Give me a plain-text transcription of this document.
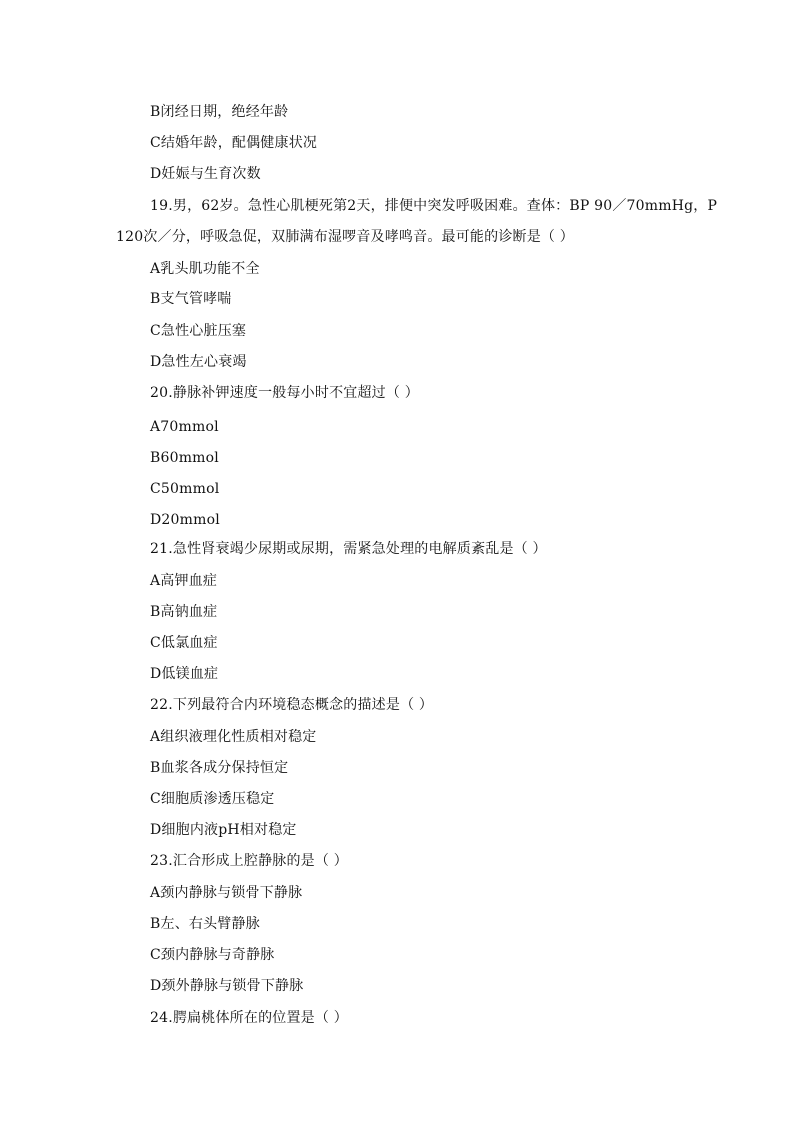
B闭经日期，绝经年龄
C结婚年龄，配偶健康状况
D妊娠与生育次数
19.男，62岁。急性心肌梗死第2天，排便中突发呼吸困难。查体：BP 90／70mmHg，P
120次／分，呼吸急促，双肺满布湿啰音及哮鸣音。最可能的诊断是（ ）
A乳头肌功能不全
B支气管哮喘
C急性心脏压塞
D急性左心衰竭
20.静脉补钾速度一般每小时不宜超过（ ）
A70mmol
B60mmol
C50mmol
D20mmol
21.急性肾衰竭少尿期或尿期，需紧急处理的电解质紊乱是（ ）
A高钾血症
B高钠血症
C低氯血症
D低镁血症
22.下列最符合内环境稳态概念的描述是（ ）
A组织液理化性质相对稳定
B血浆各成分保持恒定
C细胞质渗透压稳定
D细胞内液pH相对稳定
23.汇合形成上腔静脉的是（ ）
A颈内静脉与锁骨下静脉
B左、右头臂静脉
C颈内静脉与奇静脉
D颈外静脉与锁骨下静脉
24.腭扁桃体所在的位置是（ ）
